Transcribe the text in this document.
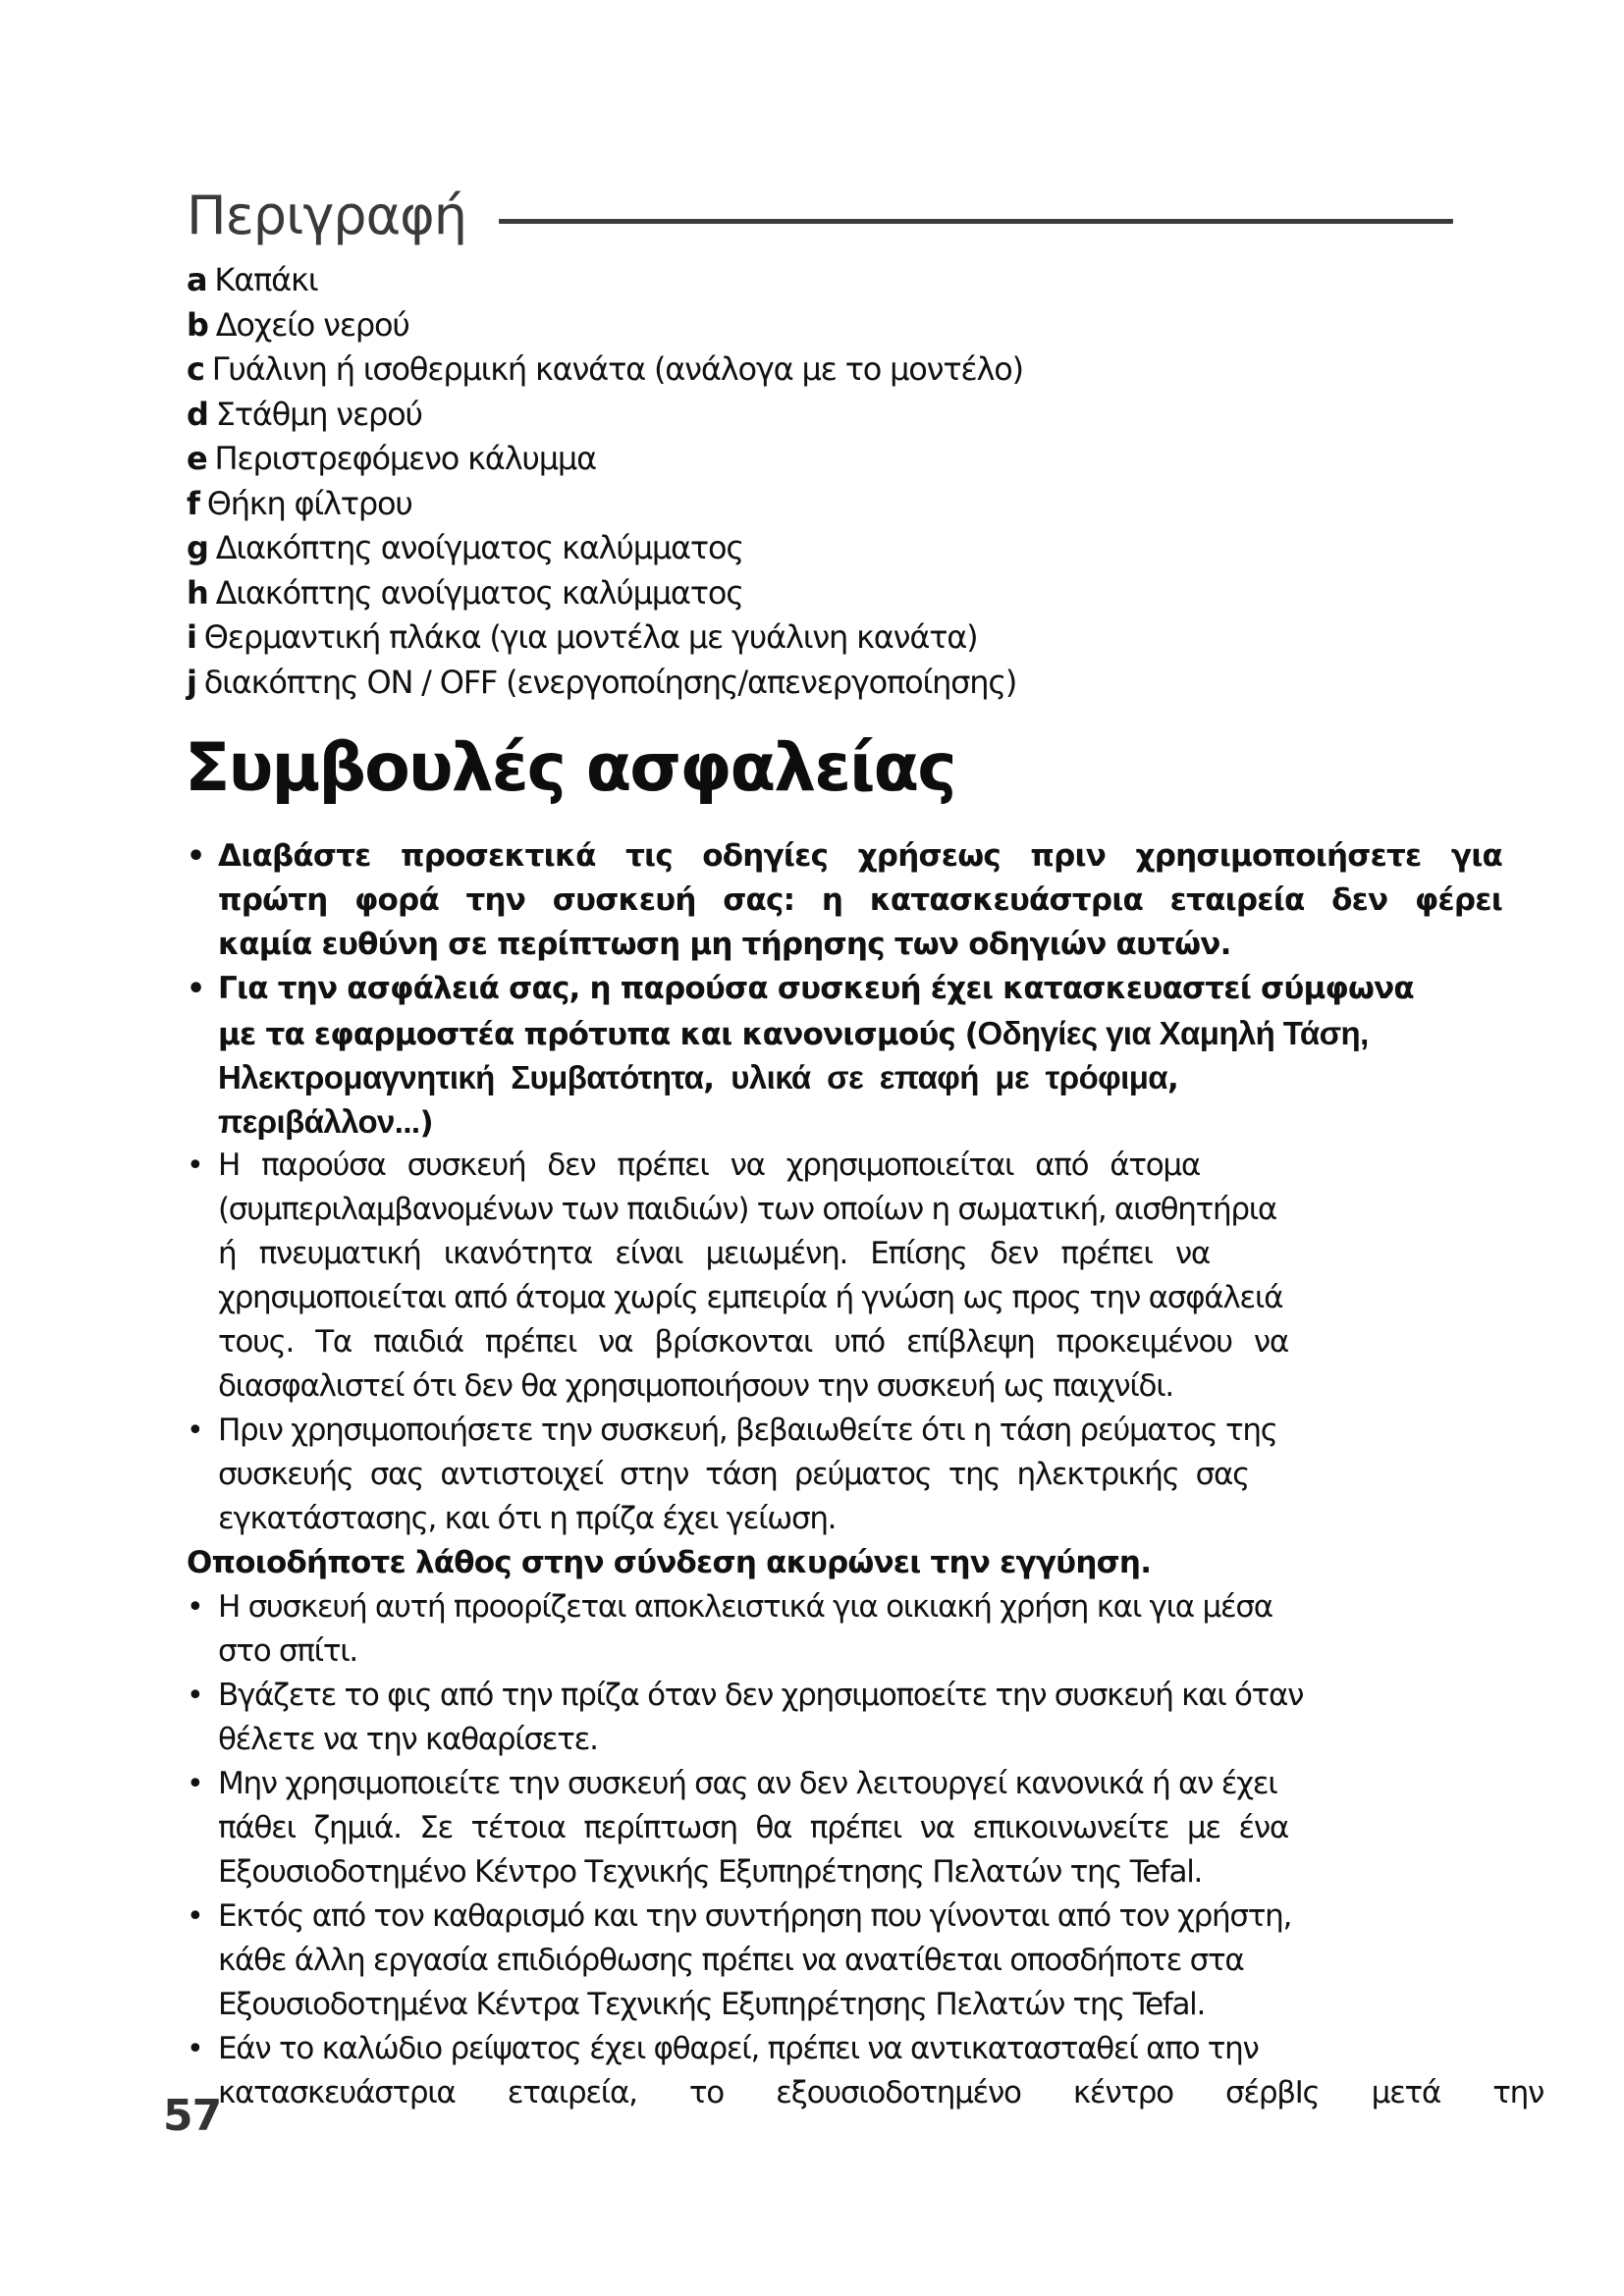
Περιγραφή
a Καπάκι
b Δοχείο νερού
c Γυάλινη ή ισοθερμική κανάτα (ανάλογα με το μοντέλο)
d Στάθμη νερού
e Περιστρεφόμενο κάλυμμα
f Θήκη φίλτρου
g Διακόπτης ανοίγματος καλύμματος
h Διακόπτης ανοίγματος καλύμματος
i Θερμαντική πλάκα (για μοντέλα με γυάλινη κανάτα)
j διακόπτης ON / OFF (ενεργοποίησης/απενεργοποίησης)
Συμβουλές ασφαλείας
• Διαβάστε προσεκτικά τις οδηγίες χρήσεως πριν χρησιμοποιήσετε για
πρώτη φορά την συσκευή σας: η κατασκευάστρια εταιρεία δεν φέρει
καμία ευθύνη σε περίπτωση μη τήρησης των οδηγιών αυτών.
• Για την ασφάλειά σας, η παρούσα συσκευή έχει κατασκευαστεί σύμφωνα
με τα εφαρμοστέα πρότυπα και κανονισμούς (Οδηγίες για Χαμηλή Τάση,
Ηλεκτρομαγνητική Συμβατότητα, υλικά σε επαφή με τρόφιμα,
περιβάλλον...)
• Η παρούσα συσκευή δεν πρέπει να χρησιμοποιείται από άτομα
(συμπεριλαμβανομένων των παιδιών) των οποίων η σωματική, αισθητήρια
ή πνευματική ικανότητα είναι μειωμένη. Επίσης δεν πρέπει να
χρησιμοποιείται από άτομα χωρίς εμπειρία ή γνώση ως προς την ασφάλειά
τους. Τα παιδιά πρέπει να βρίσκονται υπό επίβλεψη προκειμένου να
διασφαλιστεί ότι δεν θα χρησιμοποιήσουν την συσκευή ως παιχνίδι.
• Πριν χρησιμοποιήσετε την συσκευή, βεβαιωθείτε ότι η τάση ρεύματος της
συσκευής σας αντιστοιχεί στην τάση ρεύματος της ηλεκτρικής σας
εγκατάστασης, και ότι η πρίζα έχει γείωση.
Οποιοδήποτε λάθος στην σύνδεση ακυρώνει την εγγύηση.
• Η συσκευή αυτή προορίζεται αποκλειστικά για οικιακή χρήση και για μέσα
στο σπίτι.
• Βγάζετε το φις από την πρίζα όταν δεν χρησιμοποείτε την συσκευή και όταν
θέλετε να την καθαρίσετε.
• Μην χρησιμοποιείτε την συσκευή σας αν δεν λειτουργεί κανονικά ή αν έχει
πάθει ζημιά. Σε τέτοια περίπτωση θα πρέπει να επικοινωνείτε με ένα
Εξουσιοδοτημένο Κέντρο Τεχνικής Εξυπηρέτησης Πελατών της Tefal.
• Εκτός από τον καθαρισμό και την συντήρηση που γίνονται από τον χρήστη,
κάθε άλλη εργασία επιδιόρθωσης πρέπει να ανατίθεται οποσδήποτε στα
Εξουσιοδοτημένα Κέντρα Τεχνικής Εξυπηρέτησης Πελατών της Tefal.
• Εάν το καλώδιο ρείψατος έχει φθαρεί, πρέπει να αντικατασταθεί απο την
κατασκευάστρια εταιρεία, το εξουσιοδοτημένο κέντρο σέρβIς μετά την
57
